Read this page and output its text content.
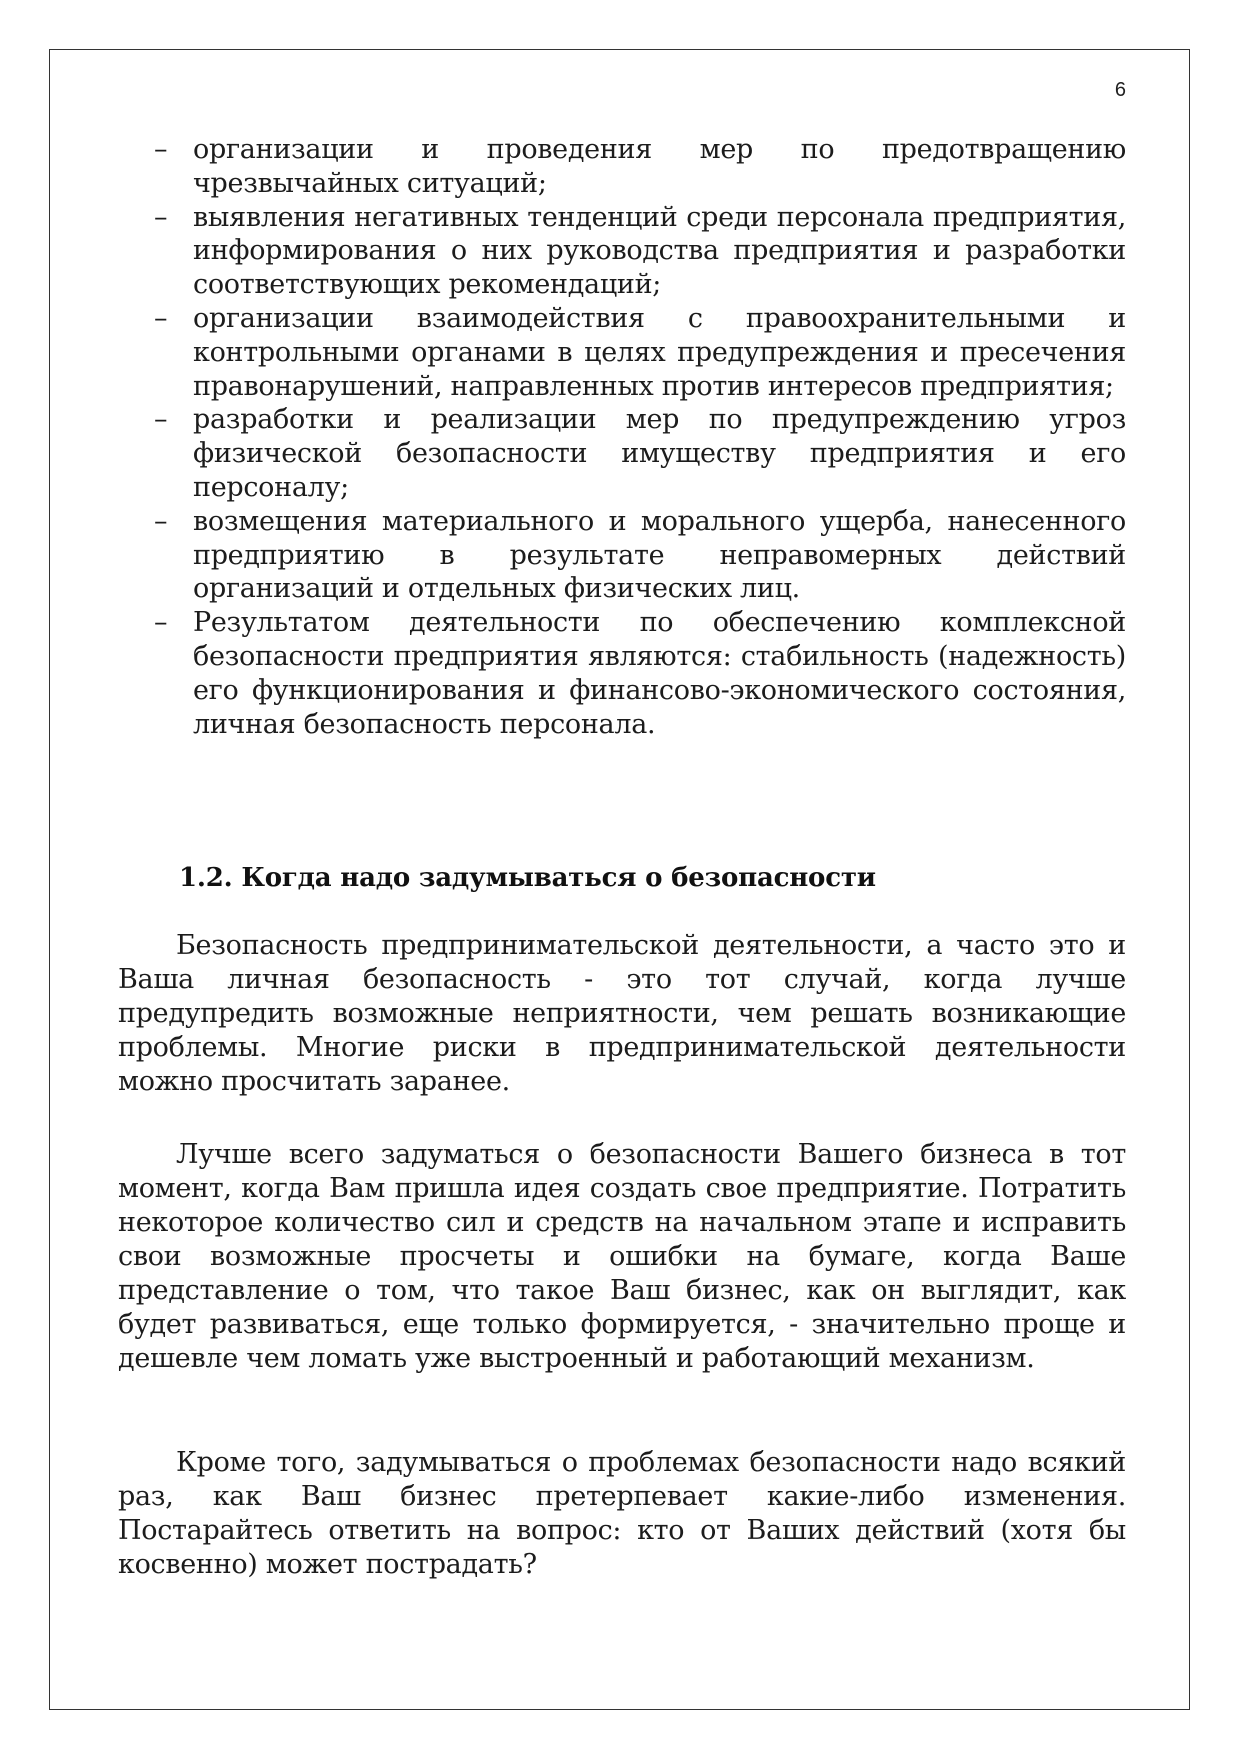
6
– организации и проведения мер по предотвращению чрезвычайных ситуаций;
– выявления негативных тенденций среди персонала предприятия, информирования о них руководства предприятия и разработки соответствующих рекомендаций;
– организации взаимодействия с правоохранительными и контрольными органами в целях предупреждения и пресечения правонарушений, направленных против интересов предприятия;
– разработки и реализации мер по предупреждению угроз физической безопасности имуществу предприятия и его персоналу;
– возмещения материального и морального ущерба, нанесенного предприятию в результате неправомерных действий организаций и отдельных физических лиц.
– Результатом деятельности по обеспечению комплексной безопасности предприятия являются: стабильность (надежность) его функционирования и финансово-экономического состояния, личная безопасность персонала.
1.2. Когда надо задумываться о безопасности

Безопасность предпринимательской деятельности, а часто это и Ваша личная безопасность - это тот случай, когда лучше предупредить возможные неприятности, чем решать возникающие проблемы. Многие риски в предпринимательской деятельности можно просчитать заранее.

Лучше всего задуматься о безопасности Вашего бизнеса в тот момент, когда Вам пришла идея создать свое предприятие. Потратить некоторое количество сил и средств на начальном этапе и исправить свои возможные просчеты и ошибки на бумаге, когда Ваше представление о том, что такое Ваш бизнес, как он выглядит, как будет развиваться, еще только формируется, - значительно проще и дешевле чем ломать уже выстроенный и работающий механизм.

Кроме того, задумываться о проблемах безопасности надо всякий раз, как Ваш бизнес претерпевает какие-либо изменения. Постарайтесь ответить на вопрос: кто от Ваших действий (хотя бы косвенно) может пострадать?
